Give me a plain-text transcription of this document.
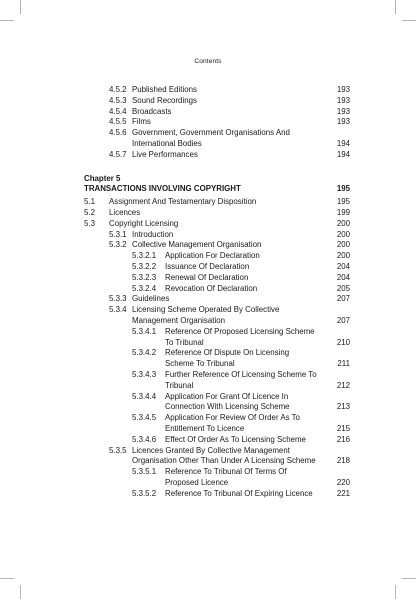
Contents
4.5.2 Published Editions	193
4.5.3 Sound Recordings	193
4.5.4 Broadcasts	193
4.5.5 Films	193
4.5.6 Government, Government Organisations And International Bodies	194
4.5.7 Live Performances	194
Chapter 5
TRANSACTIONS INVOLVING COPYRIGHT	195
5.1 Assignment And Testamentary Disposition	195
5.2 Licences	199
5.3 Copyright Licensing	200
5.3.1 Introduction	200
5.3.2 Collective Management Organisation	200
5.3.2.1 Application For Declaration	200
5.3.2.2 Issuance Of Declaration	204
5.3.2.3 Renewal Of Declaration	204
5.3.2.4 Revocation Of Declaration	205
5.3.3 Guidelines	207
5.3.4 Licensing Scheme Operated By Collective Management Organisation	207
5.3.4.1 Reference Of Proposed Licensing Scheme To Tribunal	210
5.3.4.2 Reference Of Dispute On Licensing Scheme To Tribunal	211
5.3.4.3 Further Reference Of Licensing Scheme To Tribunal	212
5.3.4.4 Application For Grant Of Licence In Connection With Licensing Scheme	213
5.3.4.5 Application For Review Of Order As To Entitlement To Licence	215
5.3.4.6 Effect Of Order As To Licensing Scheme	216
5.3.5 Licences Granted By Collective Management Organisation Other Than Under A Licensing Scheme	218
5.3.5.1 Reference To Tribunal Of Terms Of Proposed Licence	220
5.3.5.2 Reference To Tribunal Of Expiring Licence	221
